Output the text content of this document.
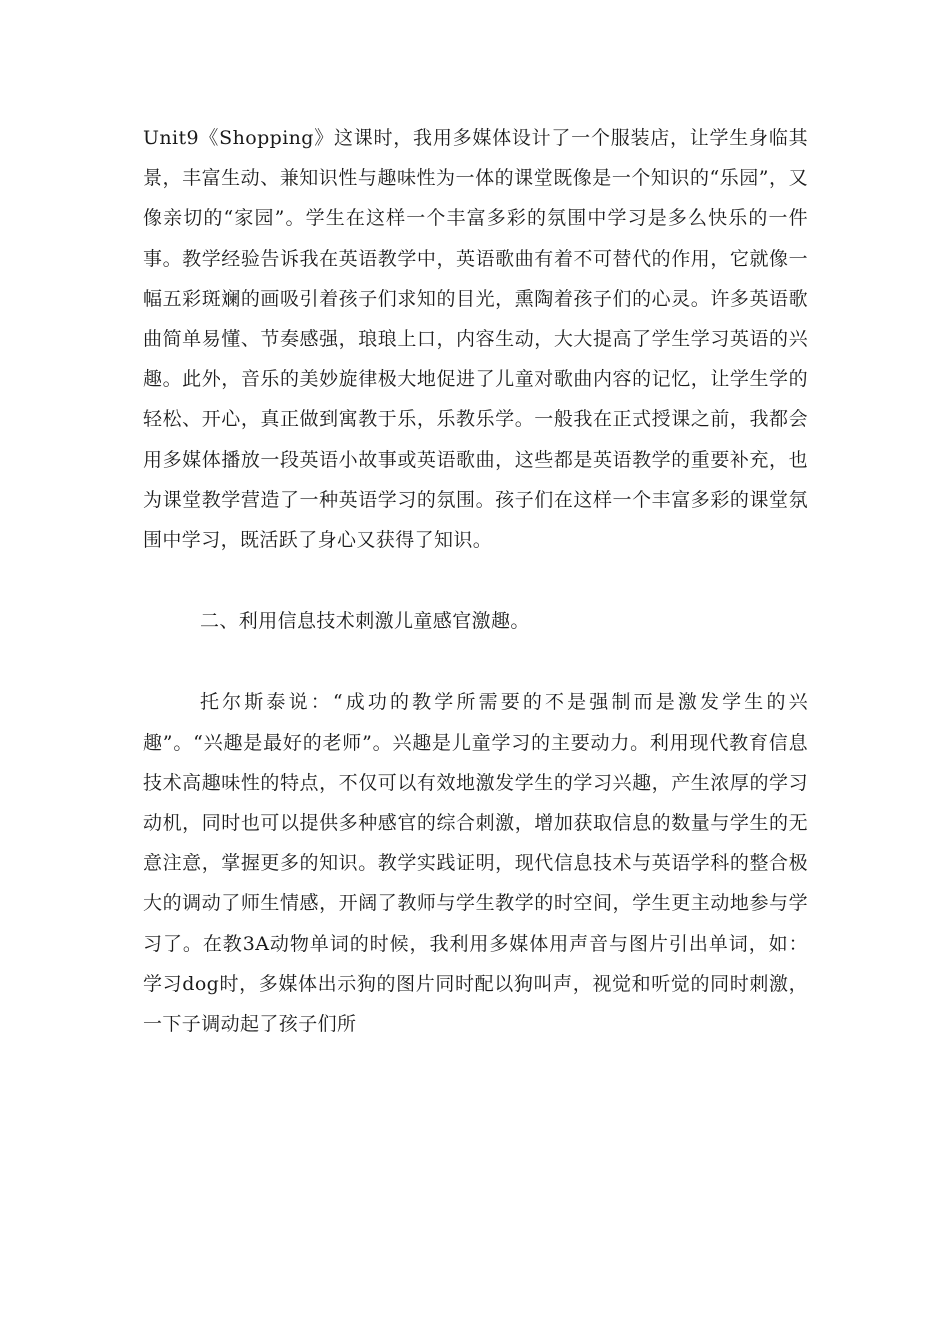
Unit9《Shopping》这课时，我用多媒体设计了一个服装店，让学生身临其景，丰富生动、兼知识性与趣味性为一体的课堂既像是一个知识的“乐园”，又像亲切的“家园”。学生在这样一个丰富多彩的氛围中学习是多么快乐的一件事。教学经验告诉我在英语教学中，英语歌曲有着不可替代的作用，它就像一幅五彩斑斓的画吸引着孩子们求知的目光，熏陶着孩子们的心灵。许多英语歌曲简单易懂、节奏感强，琅琅上口，内容生动，大大提高了学生学习英语的兴趣。此外，音乐的美妙旋律极大地促进了儿童对歌曲内容的记忆，让学生学的轻松、开心，真正做到寓教于乐，乐教乐学。一般我在正式授课之前，我都会用多媒体播放一段英语小故事或英语歌曲，这些都是英语教学的重要补充，也为课堂教学营造了一种英语学习的氛围。孩子们在这样一个丰富多彩的课堂氛围中学习，既活跃了身心又获得了知识。

二、利用信息技术刺激儿童感官激趣。

托尔斯泰说：“成功的教学所需要的不是强制而是激发学生的兴趣”。“兴趣是最好的老师”。兴趣是儿童学习的主要动力。利用现代教育信息技术高趣味性的特点，不仅可以有效地激发学生的学习兴趣，产生浓厚的学习动机，同时也可以提供多种感官的综合刺激，增加获取信息的数量与学生的无意注意，掌握更多的知识。教学实践证明，现代信息技术与英语学科的整合极大的调动了师生情感，开阔了教师与学生教学的时空间，学生更主动地参与学习了。在教3A动物单词的时候，我利用多媒体用声音与图片引出单词，如：学习dog时，多媒体出示狗的图片同时配以狗叫声，视觉和听觉的同时刺激，一下子调动起了孩子们所
